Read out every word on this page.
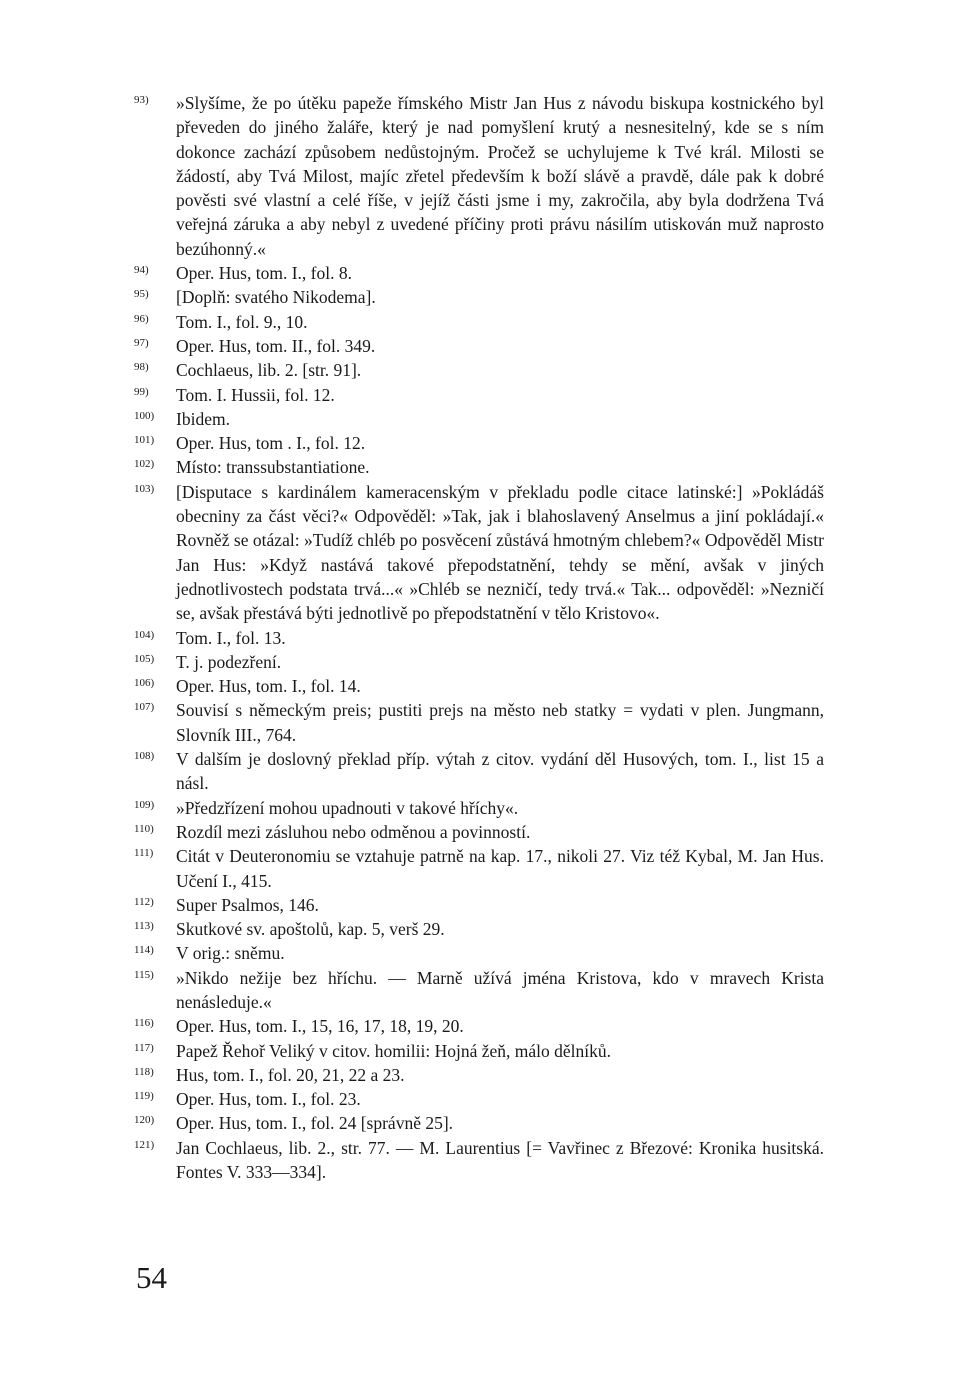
93) »Slyšíme, že po útěku papeže římského Mistr Jan Hus z návodu biskupa kostnického byl převeden do jiného žaláře, který je nad pomyšlení krutý a nesnesitelný, kde se s ním dokonce zachází způsobem nedůstojným. Pročež se uchylujeme k Tvé král. Milosti se žádostí, aby Tvá Milost, majíc zřetel především k boží slávě a pravdě, dále pak k dobré pověsti své vlastní a celé říše, v jejíž části jsme i my, zakročila, aby byla dodržena Tvá veřejná záruka a aby nebyl z uvedené příčiny proti právu násilím utiskován muž naprosto bezúhonný.«
94) Oper. Hus, tom. I., fol. 8.
95) [Doplň: svatého Nikodema].
96) Tom. I., fol. 9., 10.
97) Oper. Hus, tom. II., fol. 349.
98) Cochlaeus, lib. 2. [str. 91].
99) Tom. I. Hussii, fol. 12.
100) Ibidem.
101) Oper. Hus, tom . I., fol. 12.
102) Místo: transsubstantiatione.
103) [Disputace s kardinálem kameracenským v překladu podle citace latinské:] »Pokládáš obecniny za část věci?« Odpověděl: »Tak, jak i blahoslavený Anselmus a jiní pokládají.« Rovněž se otázal: »Tudíž chléb po posvěcení zůstává hmotným chlebem?« Odpověděl Mistr Jan Hus: »Když nastává takové přepodstatnění, tehdy se mění, avšak v jiných jednotlivostech podstata trvá...« »Chléb se nezničí, tedy trvá.« Tak... odpověděl: »Nezničí se, avšak přestává býti jednotlivě po přepodstatnění v tělo Kristovo«.
104) Tom. I., fol. 13.
105) T. j. podezření.
106) Oper. Hus, tom. I., fol. 14.
107) Souvisí s německým preis; pustiti prejs na město neb statky = vydati v plen. Jungmann, Slovník III., 764.
108) V dalším je doslovný překlad příp. výtah z citov. vydání děl Husových, tom. I., list 15 a násl.
109) »Předzřízení mohou upadnouti v takové hříchy«.
110) Rozdíl mezi zásluhou nebo odměnou a povinností.
111) Citát v Deuteronomiu se vztahuje patrně na kap. 17., nikoli 27. Viz též Kybal, M. Jan Hus. Učení I., 415.
112) Super Psalmos, 146.
113) Skutkové sv. apoštolů, kap. 5, verš 29.
114) V orig.: sněmu.
115) »Nikdo nežije bez hříchu. — Marně užívá jména Kristova, kdo v mravech Krista nenásleduje.«
116) Oper. Hus, tom. I., 15, 16, 17, 18, 19, 20.
117) Papež Řehoř Veliký v citov. homilii: Hojná žeň, málo dělníků.
118) Hus, tom. I., fol. 20, 21, 22 a 23.
119) Oper. Hus, tom. I., fol. 23.
120) Oper. Hus, tom. I., fol. 24 [správně 25].
121) Jan Cochlaeus, lib. 2., str. 77. — M. Laurentius [= Vavřinec z Březové: Kronika husitská. Fontes V. 333—334].
54
